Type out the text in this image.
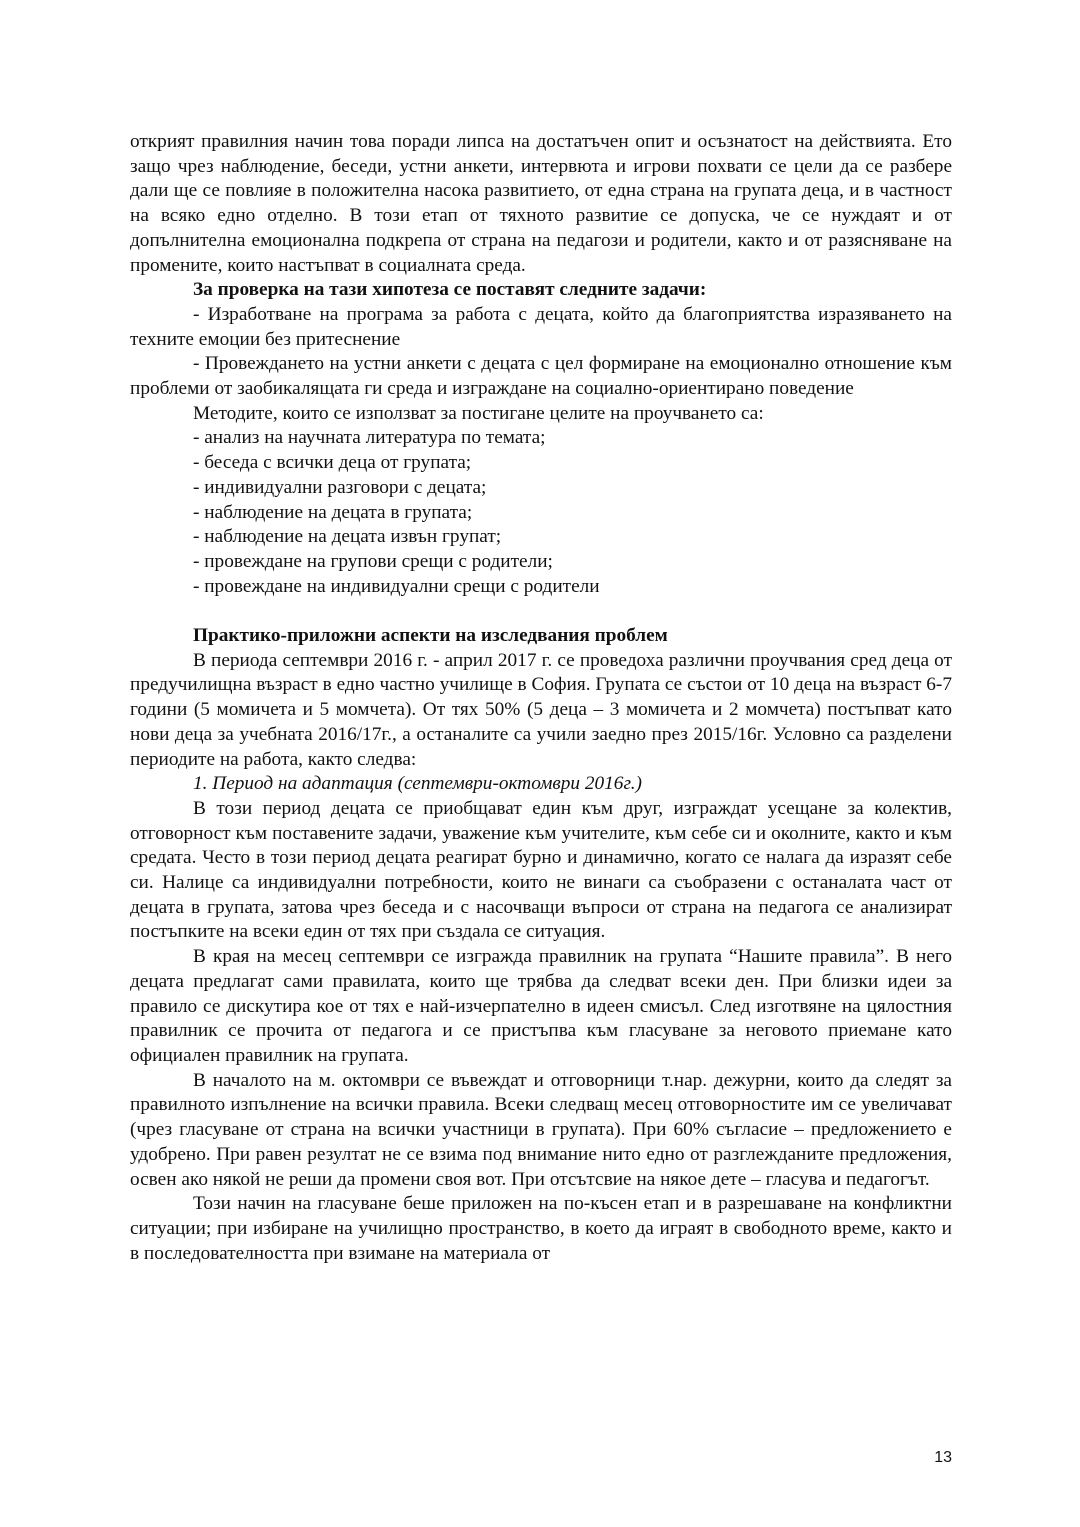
открият правилния начин това поради липса на достатъчен опит и осъзнатост на действията. Ето защо чрез наблюдение, беседи, устни анкети, интервюта и игрови похвати се цели да се разбере дали ще се повлияе в положителна насока развитието, от една страна на групата деца, и в частност на всяко едно отделно. В този етап от тяхното развитие се допуска, че се нуждаят и от допълнителна емоционална подкрепа от страна на педагози и родители, както и от разясняване на промените, които настъпват в социалната среда.

За проверка на тази хипотеза се поставят следните задачи:

- Изработване на програма за работа с децата, който да благоприятства изразяването на техните емоции без притеснение

- Провеждането на устни анкети с децата с цел формиране на емоционално отношение към проблеми от заобикалящата ги среда и изграждане на социално-ориентирано поведение

Методите, които се използват за постигане целите на проучването са:

- анализ на научната литература по темата;
- беседа с всички деца от групата;
- индивидуални разговори с децата;
- наблюдение на децата в групата;
- наблюдение на децата извън групат;
- провеждане на групови срещи с родители;
- провеждане на индивидуални срещи с родители

Практико-приложни аспекти на изследвания проблем

В периода септември 2016 г. - април 2017 г. се проведоха различни проучвания сред деца от предучилищна възраст в едно частно училище в София. Групата се състои от 10 деца на възраст 6-7 години (5 момичета и 5 момчета). От тях 50% (5 деца – 3 момичета и 2 момчета) постъпват като нови деца за учебната 2016/17г., а останалите са учили заедно през 2015/16г. Условно са разделени периодите на работа, както следва:

1. Период на адаптация (септември-октомври 2016г.)

В този период децата се приобщават един към друг, изграждат усещане за колектив, отговорност към поставените задачи, уважение към учителите, към себе си и околните, както и към средата. Често в този период децата реагират бурно и динамично, когато се налага да изразят себе си. Налице са индивидуални потребности, които не винаги са съобразени с останалата част от децата в групата, затова чрез беседа и с насочващи въпроси от страна на педагога се анализират постъпките на всеки един от тях при създала се ситуация.

В края на месец септември се изгражда правилник на групата “Нашите правила”. В него децата предлагат сами правилата, които ще трябва да следват всеки ден. При близки идеи за правило се дискутира кое от тях е най-изчерпателно в идеен смисъл. След изготвяне на цялостния правилник се прочита от педагога и се пристъпва към гласуване за неговото приемане като официален правилник на групата.

В началото на м. октомври се въвеждат и отговорници т.нар. дежурни, които да следят за правилното изпълнение на всички правила. Всеки следващ месец отговорностите им се увеличават (чрез гласуване от страна на всички участници в групата). При 60% съгласие – предложението е удобрено. При равен резултат не се взима под внимание нито едно от разглежданите предложения, освен ако някой не реши да промени своя вот. При отсътсвие на някое дете – гласува и педагогът.

Този начин на гласуване беше приложен на по-късен етап и в разрешаване на конфликтни ситуации; при избиране на училищно пространство, в което да играят в свободното време, както и в последователността при взимане на материала от

13
